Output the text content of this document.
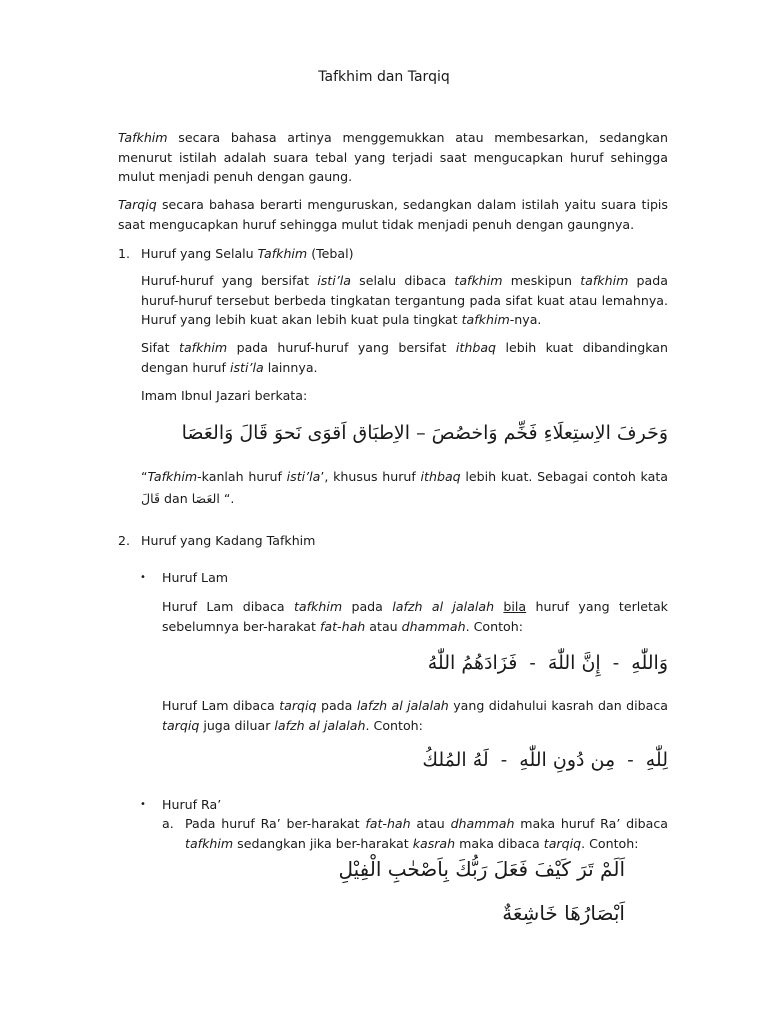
Tafkhim dan Tarqiq

Tafkhim secara bahasa artinya menggemukkan atau membesarkan, sedangkan menurut istilah adalah suara tebal yang terjadi saat mengucapkan huruf sehingga mulut menjadi penuh dengan gaung.

Tarqiq secara bahasa berarti menguruskan, sedangkan dalam istilah yaitu suara tipis saat mengucapkan huruf sehingga mulut tidak menjadi penuh dengan gaungnya.

1. Huruf yang Selalu Tafkhim (Tebal)

Huruf-huruf yang bersifat isti’la selalu dibaca tafkhim meskipun tafkhim pada huruf-huruf tersebut berbeda tingkatan tergantung pada sifat kuat atau lemahnya. Huruf yang lebih kuat akan lebih kuat pula tingkat tafkhim-nya.

Sifat tafkhim pada huruf-huruf yang bersifat ithbaq lebih kuat dibandingkan dengan huruf isti’la lainnya.

Imam Ibnul Jazari berkata:
وَحَرفَ الاِستِعلَاءِ فَخِّم وَاخصُصَ – الاِطبَاق اَقوَى نَحوَ قَالَ وَالعَصَا

“Tafkhim-kanlah huruf isti’la’, khusus huruf ithbaq lebih kuat. Sebagai contoh kata قَالَ dan العَصَا “.

2. Huruf yang Kadang Tafkhim
• Huruf Lam

Huruf Lam dibaca tafkhim pada lafzh al jalalah bila huruf yang terletak sebelumnya ber-harakat fat-hah atau dhammah. Contoh:

وَاللّٰهِ  -  إِنَّ اللّٰهَ  -  فَزَادَهُمُ اللّٰهُ

Huruf Lam dibaca tarqiq pada lafzh al jalalah yang didahului kasrah dan dibaca tarqiq juga diluar lafzh al jalalah. Contoh:

لِلّٰهِ  -  مِن دُونِ اللّٰهِ  -  لَهُ المُلكُ
• Huruf Ra’
a. Pada huruf Ra’ ber-harakat fat-hah atau dhammah maka huruf Ra’ dibaca tafkhim sedangkan jika ber-harakat kasrah maka dibaca tarqiq. Contoh:

اَلَمْ تَرَ كَيْفَ فَعَلَ رَبُّكَ بِاَصْحٰبِ الْفِيْلِ
اَبْصَارُهَا خَاشِعَةٌ
